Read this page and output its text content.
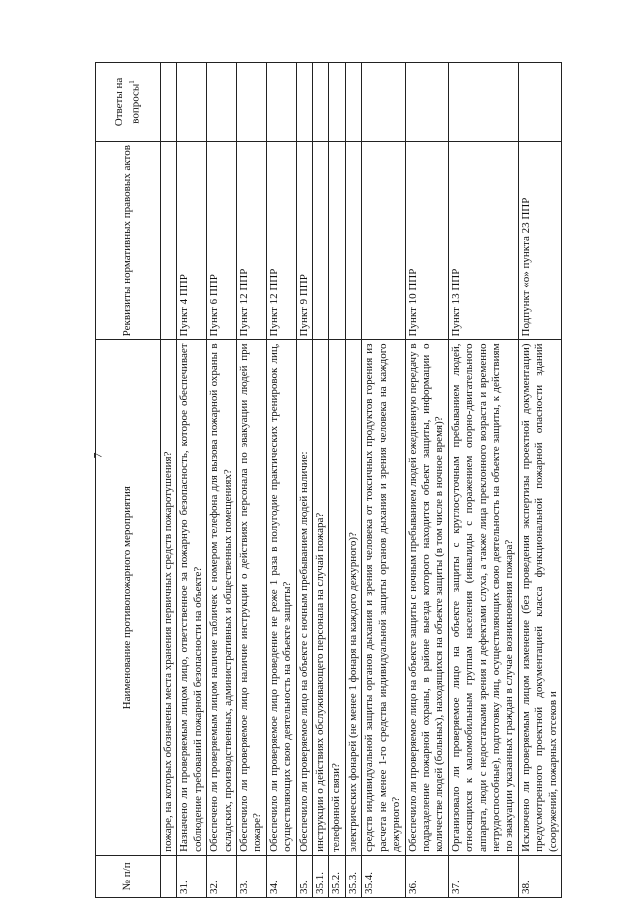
7
№ п/п	Наименование противопожарного мероприятия	Реквизиты нормативных правовых актов	Ответы на вопросы$^1$
	пожаре, на которых обозначены места хранения первичных средств пожаротушения?		
31.	Назначено ли проверяемым лицом лицо, ответственное за пожарную безопасность, которое обеспечивает соблюдение требований пожарной безопасности на объекте?	Пункт 4 ППР	
32.	Обеспечено ли проверяемым лицом наличие табличек с номером телефона для вызова пожарной охраны в складских, производственных, административных и общественных помещениях?	Пункт 6 ППР	
33.	Обеспечило ли проверяемое лицо наличие инструкции о действиях персонала по эвакуации людей при пожаре?	Пункт 12 ППР	
34.	Обеспечило ли проверяемое лицо проведение не реже 1 раза в полугодие практических тренировок лиц, осуществляющих свою деятельность на объекте защиты?	Пункт 12 ППР	
35.	Обеспечило ли проверяемое лицо на объекте с ночным пребыванием людей наличие:	Пункт 9 ППР	
35.1.	инструкции о действиях обслуживающего персонала на случай пожара?		
35.2.	телефонной связи?		
35.3.	электрических фонарей (не менее 1 фонаря на каждого дежурного)?		
35.4.	средств индивидуальной защиты органов дыхания и зрения человека от токсичных продуктов горения из расчета не менее 1-го средства индивидуальной защиты органов дыхания и зрения человека на каждого дежурного?		
36.	Обеспечило ли проверяемое лицо на объекте защиты с ночным пребыванием людей ежедневную передачу в подразделение пожарной охраны, в районе выезда которого находится объект защиты, информации о количестве людей (больных), находящихся на объекте защиты (в том числе в ночное время)?	Пункт 10 ППР	
37.	Организовало ли проверяемое лицо на объекте защиты с круглосуточным пребыванием людей, относящихся к маломобильным группам населения (инвалиды с поражением опорно-двигательного аппарата, люди с недостатками зрения и дефектами слуха, а также лица преклонного возраста и временно нетрудоспособные), подготовку лиц, осуществляющих свою деятельность на объекте защиты, к действиям по эвакуации указанных граждан в случае возникновения пожара?	Пункт 13 ППР	
38.	Исключено ли проверяемым лицом изменение (без проведения экспертизы проектной документации) предусмотренного проектной документацией класса функциональной пожарной опасности зданий (сооружений, пожарных отсеков и	Подпункт «о» пункта 23 ППР	
